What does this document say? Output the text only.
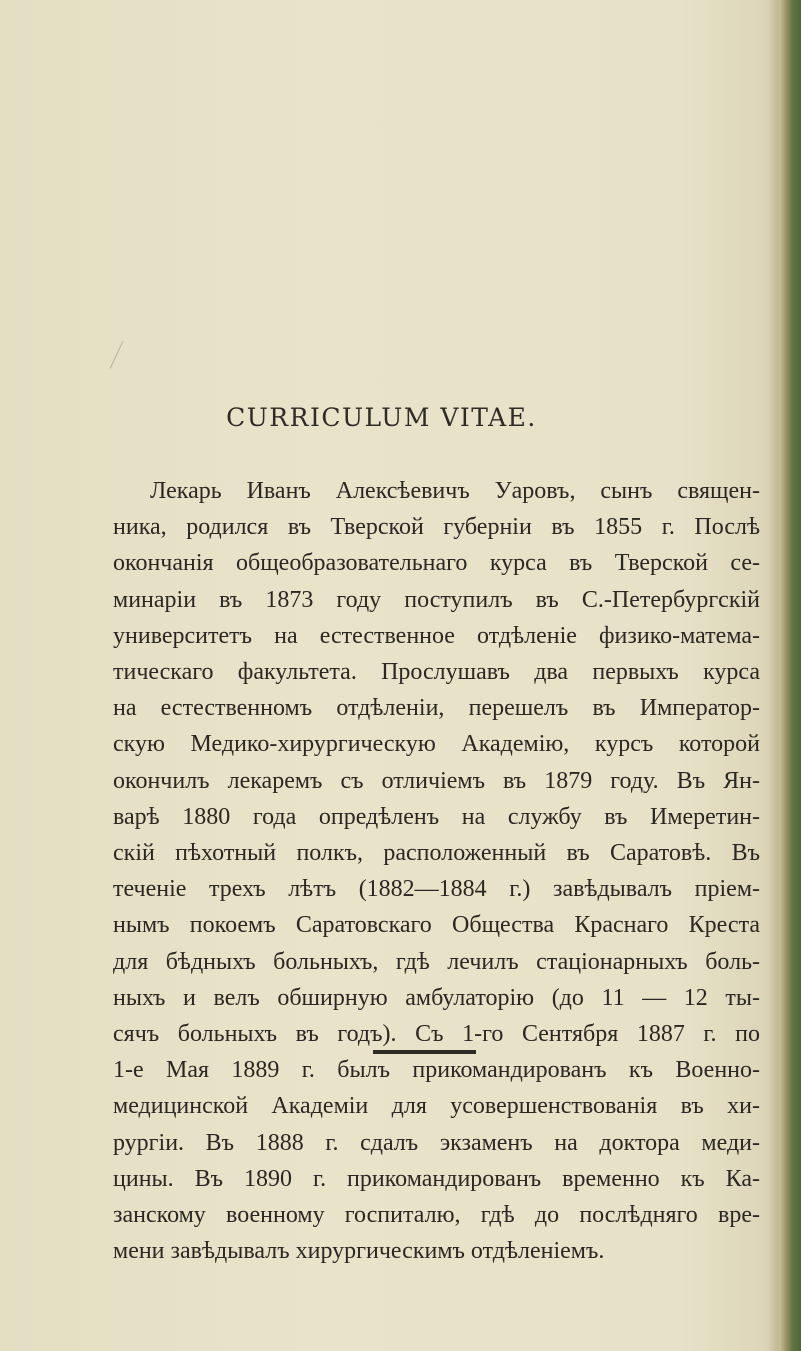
CURRICULUM VITAE.
Лекарь Иванъ Алексѣевичъ Уаровъ, сынъ священ-
ника, родился въ Тверской губерніи въ 1855 г. Послѣ
окончанія общеобразовательнаго курса въ Тверской се-
минаріи въ 1873 году поступилъ въ С.-Петербургскій
университетъ на естественное отдѣленіе физико-матема-
тическаго факультета. Прослушавъ два первыхъ курса
на естественномъ отдѣленіи, перешелъ въ Император-
скую Медико-хирургическую Академію, курсъ которой
окончилъ лекаремъ съ отличіемъ въ 1879 году. Въ Ян-
варѣ 1880 года опредѣленъ на службу въ Имеретин-
скій пѣхотный полкъ, расположенный въ Саратовѣ. Въ
теченіе трехъ лѣтъ (1882—1884 г.) завѣдывалъ пріем-
нымъ покоемъ Саратовскаго Общества Краснаго Креста
для бѣдныхъ больныхъ, гдѣ лечилъ стаціонарныхъ боль-
ныхъ и велъ обширную амбулаторію (до 11 — 12 ты-
сячъ больныхъ въ годъ). Съ 1-го Сентября 1887 г. по
1-е Мая 1889 г. былъ прикомандированъ къ Военно-
медицинской Академіи для усовершенствованія въ хи-
рургіи. Въ 1888 г. сдалъ экзаменъ на доктора меди-
цины. Въ 1890 г. прикомандированъ временно къ Ка-
занскому военному госпиталю, гдѣ до послѣдняго вре-
мени завѣдывалъ хирургическимъ отдѣленіемъ.
